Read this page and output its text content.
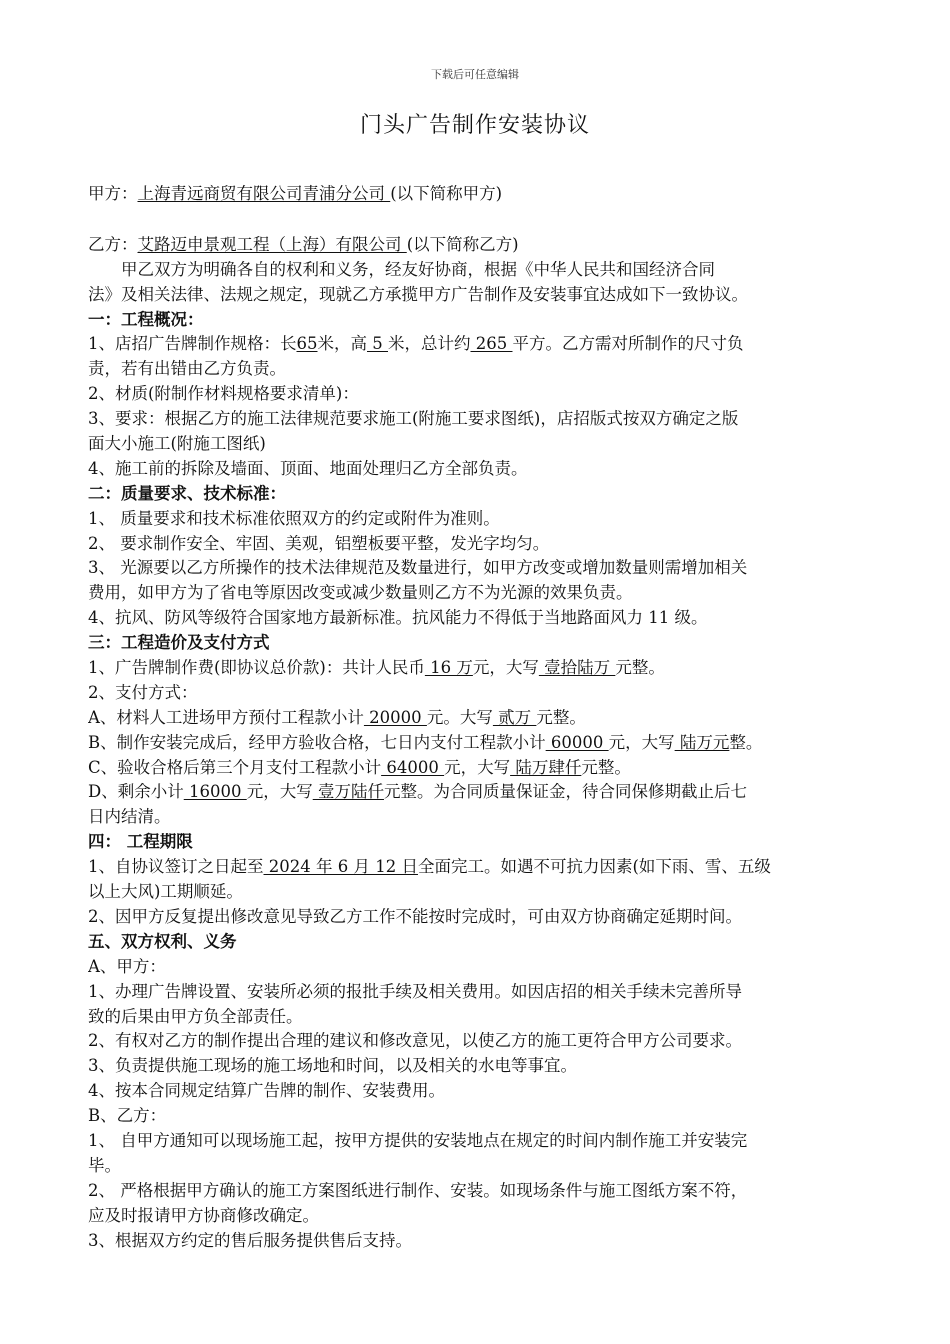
下载后可任意编辑
门头广告制作安装协议
甲方：上海青远商贸有限公司青浦分公司 (以下简称甲方)
乙方：艾路迈申景观工程（上海）有限公司 (以下简称乙方)
甲乙双方为明确各自的权利和义务，经友好协商，根据《中华人民共和国经济合同
法》及相关法律、法规之规定，现就乙方承揽甲方广告制作及安装事宜达成如下一致协议。
一：工程概况：
1、店招广告牌制作规格：长65米，高 5 米，总计约 265 平方。乙方需对所制作的尺寸负
责，若有出错由乙方负责。
2、材质(附制作材料规格要求清单)：
3、要求：根据乙方的施工法律规范要求施工(附施工要求图纸)，店招版式按双方确定之版
面大小施工(附施工图纸)
4、施工前的拆除及墙面、顶面、地面处理归乙方全部负责。
二：质量要求、技术标准：
1、 质量要求和技术标准依照双方的约定或附件为准则。
2、 要求制作安全、牢固、美观，铝塑板要平整，发光字均匀。
3、 光源要以乙方所操作的技术法律规范及数量进行，如甲方改变或增加数量则需增加相关
费用，如甲方为了省电等原因改变或减少数量则乙方不为光源的效果负责。
4、抗风、防风等级符合国家地方最新标准。抗风能力不得低于当地路面风力 11 级。
三：工程造价及支付方式
1、广告牌制作费(即协议总价款)：共计人民币 16 万元，大写 壹拾陆万 元整。
2、支付方式：
A、材料人工进场甲方预付工程款小计 20000 元。大写 贰万 元整。
B、制作安装完成后，经甲方验收合格，七日内支付工程款小计 60000 元，大写 陆万元整。
C、验收合格后第三个月支付工程款小计 64000 元，大写 陆万肆仟元整。
D、剩余小计 16000 元，大写 壹万陆仟元整。为合同质量保证金，待合同保修期截止后七
日内结清。
四： 工程期限
1、自协议签订之日起至 2024 年 6 月 12 日全面完工。如遇不可抗力因素(如下雨、雪、五级
以上大风)工期顺延。
2、因甲方反复提出修改意见导致乙方工作不能按时完成时，可由双方协商确定延期时间。
五、双方权利、义务
A、甲方：
1、办理广告牌设置、安装所必须的报批手续及相关费用。如因店招的相关手续未完善所导
致的后果由甲方负全部责任。
2、有权对乙方的制作提出合理的建议和修改意见，以使乙方的施工更符合甲方公司要求。
3、负责提供施工现场的施工场地和时间，以及相关的水电等事宜。
4、按本合同规定结算广告牌的制作、安装费用。
B、乙方：
1、 自甲方通知可以现场施工起，按甲方提供的安装地点在规定的时间内制作施工并安装完
毕。
2、 严格根据甲方确认的施工方案图纸进行制作、安装。如现场条件与施工图纸方案不符，
应及时报请甲方协商修改确定。
3、根据双方约定的售后服务提供售后支持。
